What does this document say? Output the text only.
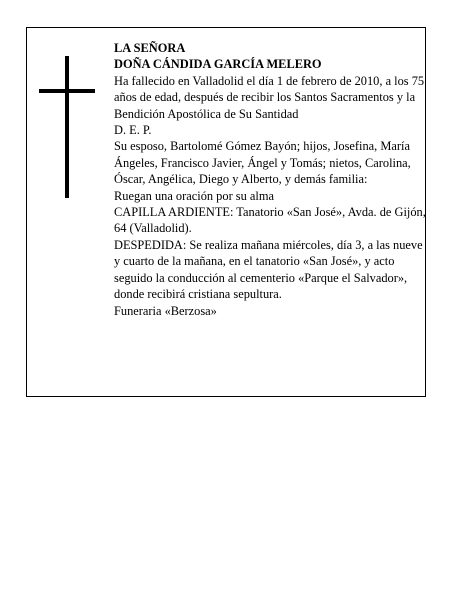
LA SEÑORA

DOÑA CÁNDIDA GARCÍA MELERO

Ha fallecido en Valladolid el día 1 de febrero de 2010, a los 75 años de edad, después de recibir los Santos Sacramentos y la Bendición Apostólica de Su Santidad

D. E. P.

Su esposo, Bartolomé Gómez Bayón; hijos, Josefina, María Ángeles, Francisco Javier, Ángel y Tomás; nietos, Carolina, Óscar, Angélica, Diego y Alberto, y demás familia:

Ruegan una oración por su alma

CAPILLA ARDIENTE: Tanatorio «San José», Avda. de Gijón, 64 (Valladolid).

DESPEDIDA: Se realiza mañana miércoles, día 3, a las nueve y cuarto de la mañana, en el tanatorio «San José», y acto seguido la conducción al cementerio «Parque el Salvador», donde recibirá cristiana sepultura.

Funeraria «Berzosa»
